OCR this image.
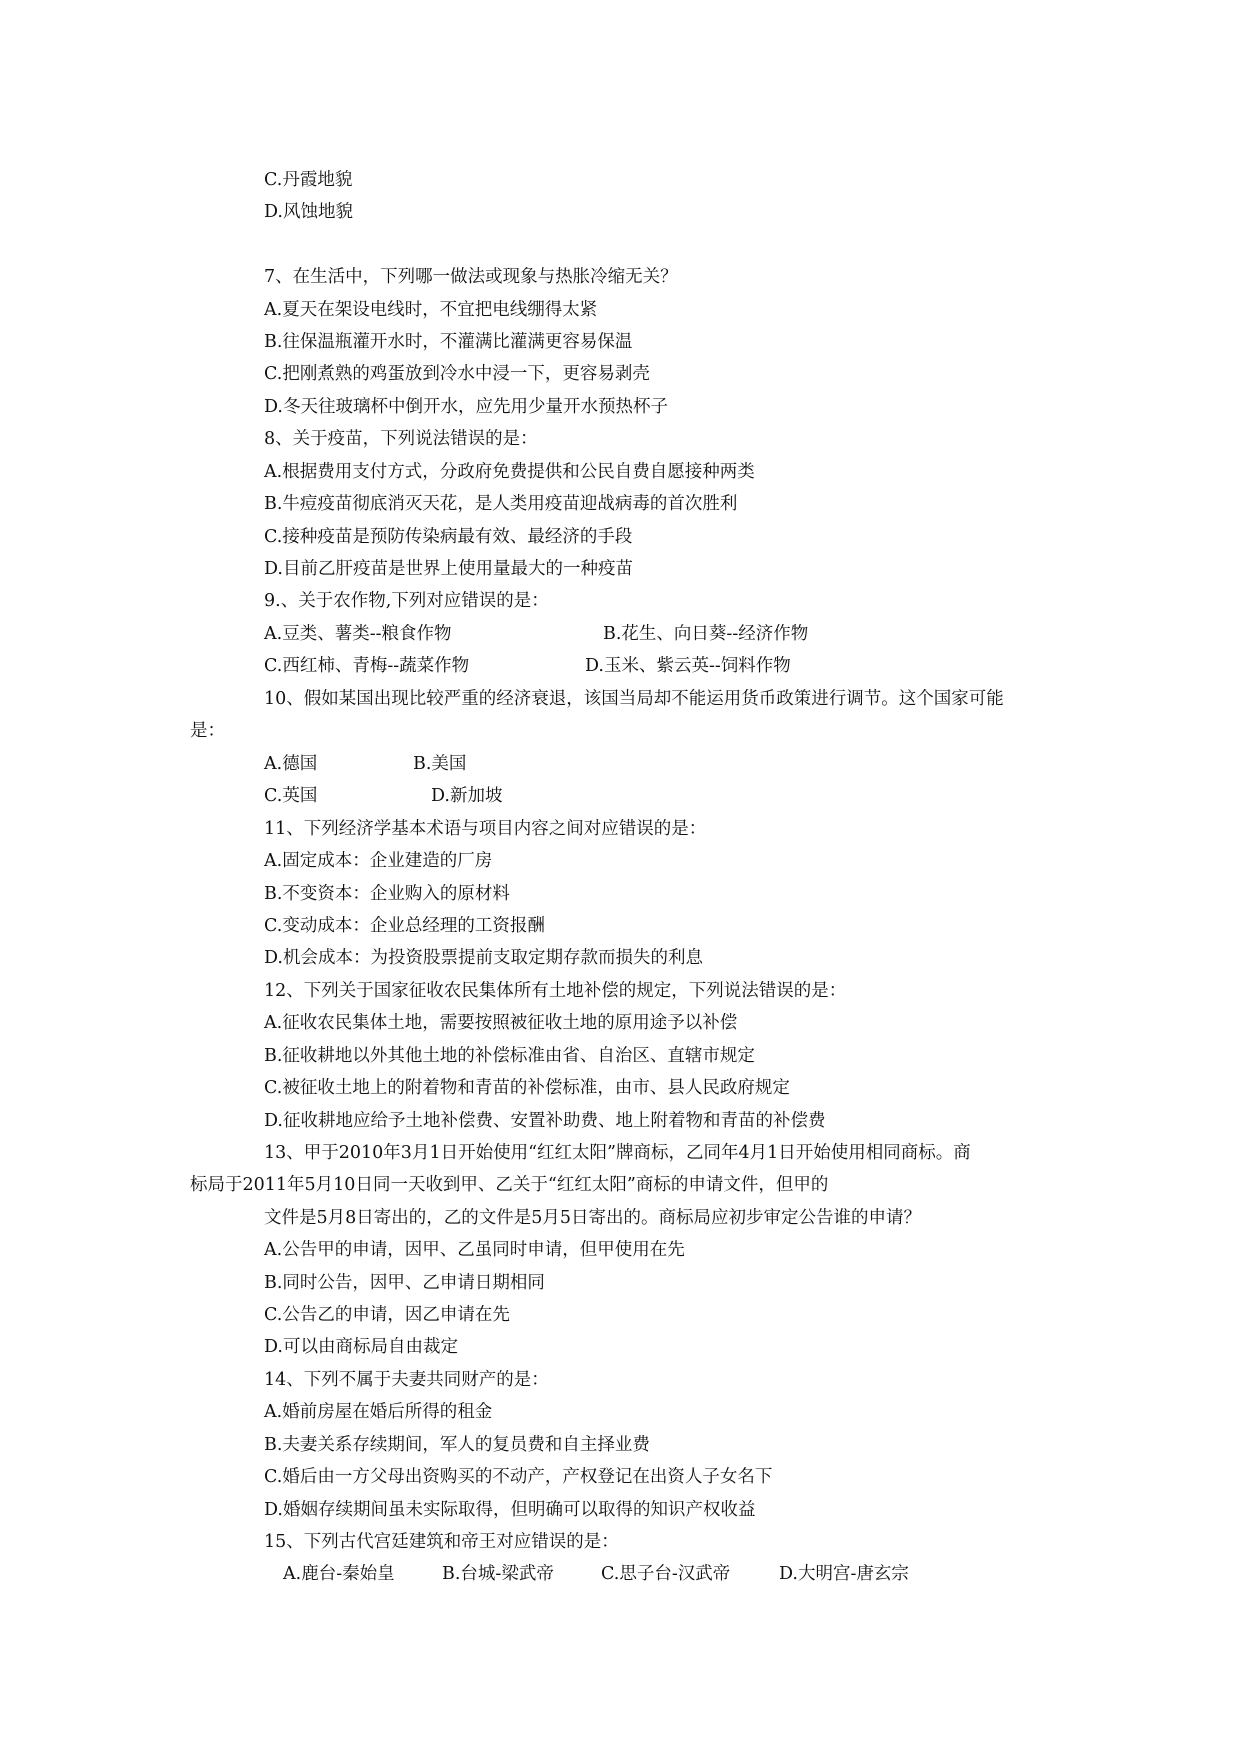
C.丹霞地貌
D.风蚀地貌
7、在生活中，下列哪一做法或现象与热胀冷缩无关？
A.夏天在架设电线时，不宜把电线绷得太紧
B.往保温瓶灌开水时，不灌满比灌满更容易保温
C.把刚煮熟的鸡蛋放到冷水中浸一下，更容易剥壳
D.冬天往玻璃杯中倒开水，应先用少量开水预热杯子
8、关于疫苗，下列说法错误的是：
A.根据费用支付方式，分政府免费提供和公民自费自愿接种两类
B.牛痘疫苗彻底消灭天花，是人类用疫苗迎战病毒的首次胜利
C.接种疫苗是预防传染病最有效、最经济的手段
D.目前乙肝疫苗是世界上使用量最大的一种疫苗
9.、关于农作物,下列对应错误的是：
A.豆类、薯类--粮食作物	B.花生、向日葵--经济作物
C.西红柿、青梅--蔬菜作物	D.玉米、紫云英--饲料作物
10、假如某国出现比较严重的经济衰退，该国当局却不能运用货币政策进行调节。这个国家可能
是：
A.德国	B.美国
C.英国	D.新加坡
11、下列经济学基本术语与项目内容之间对应错误的是：
A.固定成本：企业建造的厂房
B.不变资本：企业购入的原材料
C.变动成本：企业总经理的工资报酬
D.机会成本：为投资股票提前支取定期存款而损失的利息
12、下列关于国家征收农民集体所有土地补偿的规定，下列说法错误的是：
A.征收农民集体土地，需要按照被征收土地的原用途予以补偿
B.征收耕地以外其他土地的补偿标准由省、自治区、直辖市规定
C.被征收土地上的附着物和青苗的补偿标准，由市、县人民政府规定
D.征收耕地应给予土地补偿费、安置补助费、地上附着物和青苗的补偿费
13、甲于2010年3月1日开始使用“红红太阳”牌商标，乙同年4月1日开始使用相同商标。商
标局于2011年5月10日同一天收到甲、乙关于“红红太阳”商标的申请文件，但甲的
文件是5月8日寄出的，乙的文件是5月5日寄出的。商标局应初步审定公告谁的申请？
A.公告甲的申请，因甲、乙虽同时申请，但甲使用在先
B.同时公告，因甲、乙申请日期相同
C.公告乙的申请，因乙申请在先
D.可以由商标局自由裁定
14、下列不属于夫妻共同财产的是：
A.婚前房屋在婚后所得的租金
B.夫妻关系存续期间，军人的复员费和自主择业费
C.婚后由一方父母出资购买的不动产，产权登记在出资人子女名下
D.婚姻存续期间虽未实际取得，但明确可以取得的知识产权收益
15、下列古代宫廷建筑和帝王对应错误的是：
A.鹿台-秦始皇	B.台城-梁武帝	C.思子台-汉武帝	D.大明宫-唐玄宗
